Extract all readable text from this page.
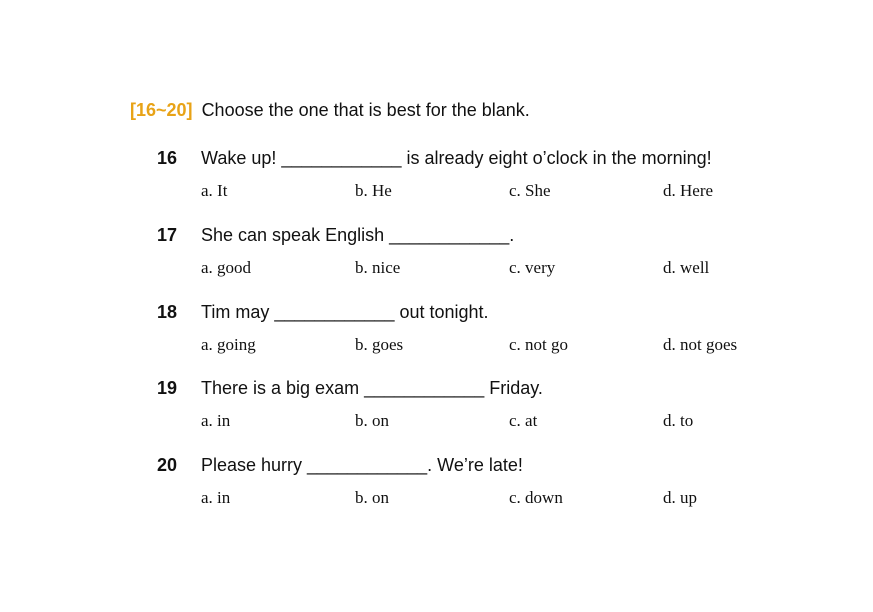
[16~20] Choose the one that is best for the blank.
16 Wake up! ____________ is already eight o’clock in the morning!
a. It	b. He	c. She	d. Here
17 She can speak English ____________.
a. good	b. nice	c. very	d. well
18 Tim may ____________ out tonight.
a. going	b. goes	c. not go	d. not goes
19 There is a big exam ____________ Friday.
a. in	b. on	c. at	d. to
20 Please hurry ____________. We’re late!
a. in	b. on	c. down	d. up
